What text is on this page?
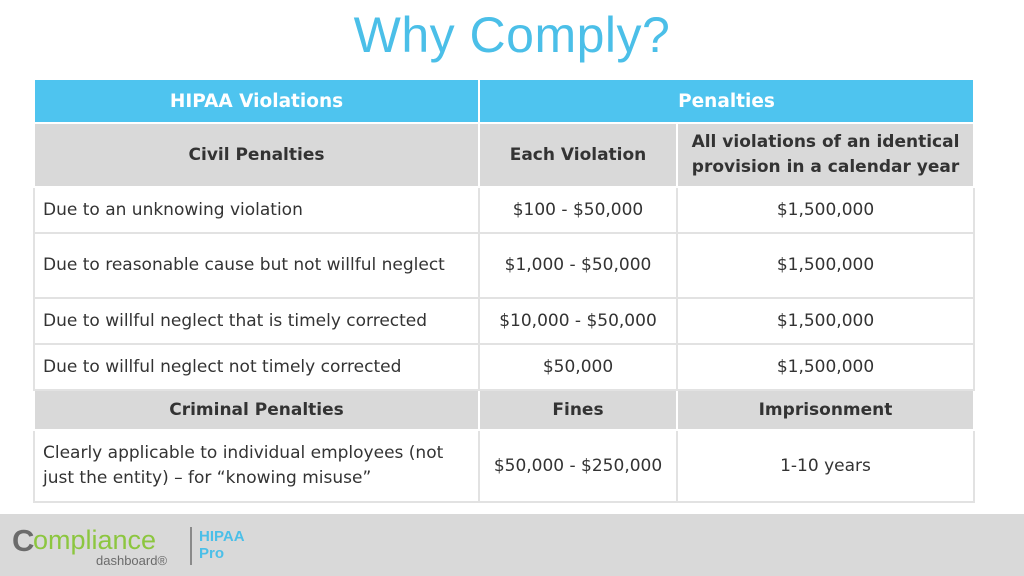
Why Comply?
HIPAA Violations	Penalties	
Civil Penalties	Each Violation	All violations of an identical provision in a calendar year
Due to an unknowing violation	$100 - $50,000	$1,500,000
Due to reasonable cause but not willful neglect	$1,000 - $50,000	$1,500,000
Due to willful neglect that is timely corrected	$10,000 - $50,000	$1,500,000
Due to willful neglect not timely corrected	$50,000	$1,500,000
Criminal Penalties	Fines	Imprisonment
Clearly applicable to individual employees (not just the entity) – for “knowing misuse”	$50,000 - $250,000	1-10 years
C
ompliance
dashboard®
HIPAA
Pro
